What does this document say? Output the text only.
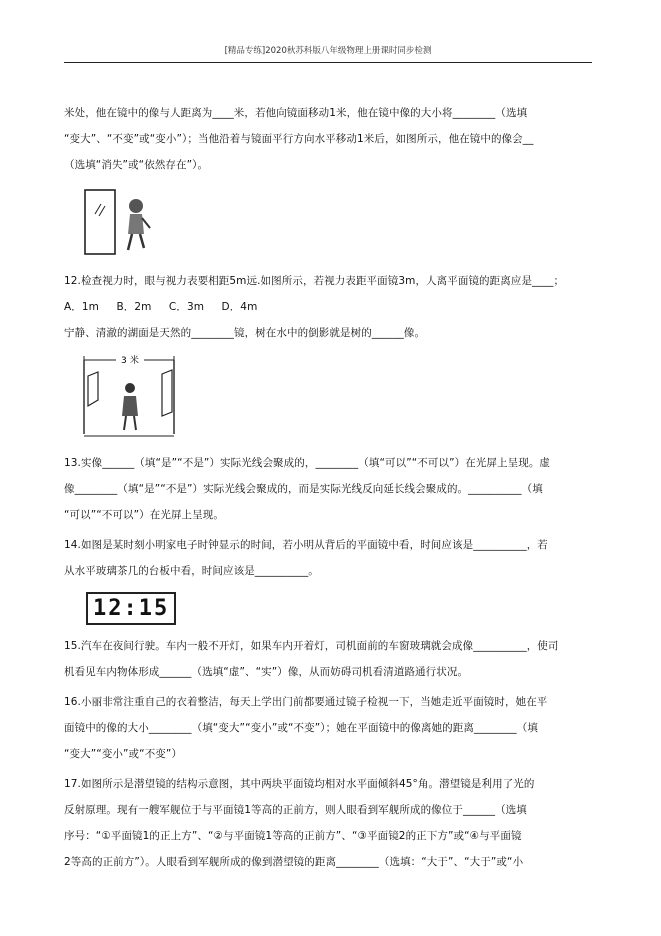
[精品专练]2020秋苏科版八年级物理上册课时同步检测
米处，他在镜中的像与人距离为____米，若他向镜面移动1米，他在镜中像的大小将________（选填
“变大”、“不变”或“变小”）；当他沿着与镜面平行方向水平移动1米后，如图所示，他在镜中的像会__
（选填“消失”或“依然存在”）。
12.检查视力时，眼与视力表要相距5m远.如图所示，若视力表距平面镜3m，人离平面镜的距离应是____；
A．1m B．2m C．3m D．4m
宁静、清澈的湖面是天然的________镜，树在水中的倒影就是树的______像。
3 米
13.实像______（填“是”“不是”）实际光线会聚成的，________（填“可以”“不可以”）在光屏上呈现。虚
像________（填“是”“不是”）实际光线会聚成的，而是实际光线反向延长线会聚成的。__________（填
“可以”“不可以”）在光屏上呈现。
14.如图是某时刻小明家电子时钟显示的时间，若小明从背后的平面镜中看，时间应该是__________，若
从水平玻璃茶几的台板中看，时间应该是__________。
12:15
15.汽车在夜间行驶。车内一般不开灯，如果车内开着灯，司机面前的车窗玻璃就会成像__________，使司
机看见车内物体形成______（选填“虚”、“实”）像，从而妨碍司机看清道路通行状况。
16.小丽非常注重自己的衣着整洁，每天上学出门前都要通过镜子检视一下，当她走近平面镜时，她在平
面镜中的像的大小________（填“变大”“变小”或“不变”）；她在平面镜中的像离她的距离________（填
“变大”“变小”或“不变”）
17.如图所示是潜望镜的结构示意图，其中两块平面镜均相对水平面倾斜45°角。潜望镜是利用了光的
反射原理。现有一艘军舰位于与平面镜1等高的正前方，则人眼看到军舰所成的像位于______（选填
序号：“①平面镜1的正上方”、“②与平面镜1等高的正前方”、“③平面镜2的正下方”或“④与平面镜
2等高的正前方”）。人眼看到军舰所成的像到潜望镜的距离________（选填：“大于”、“大于”或“小
